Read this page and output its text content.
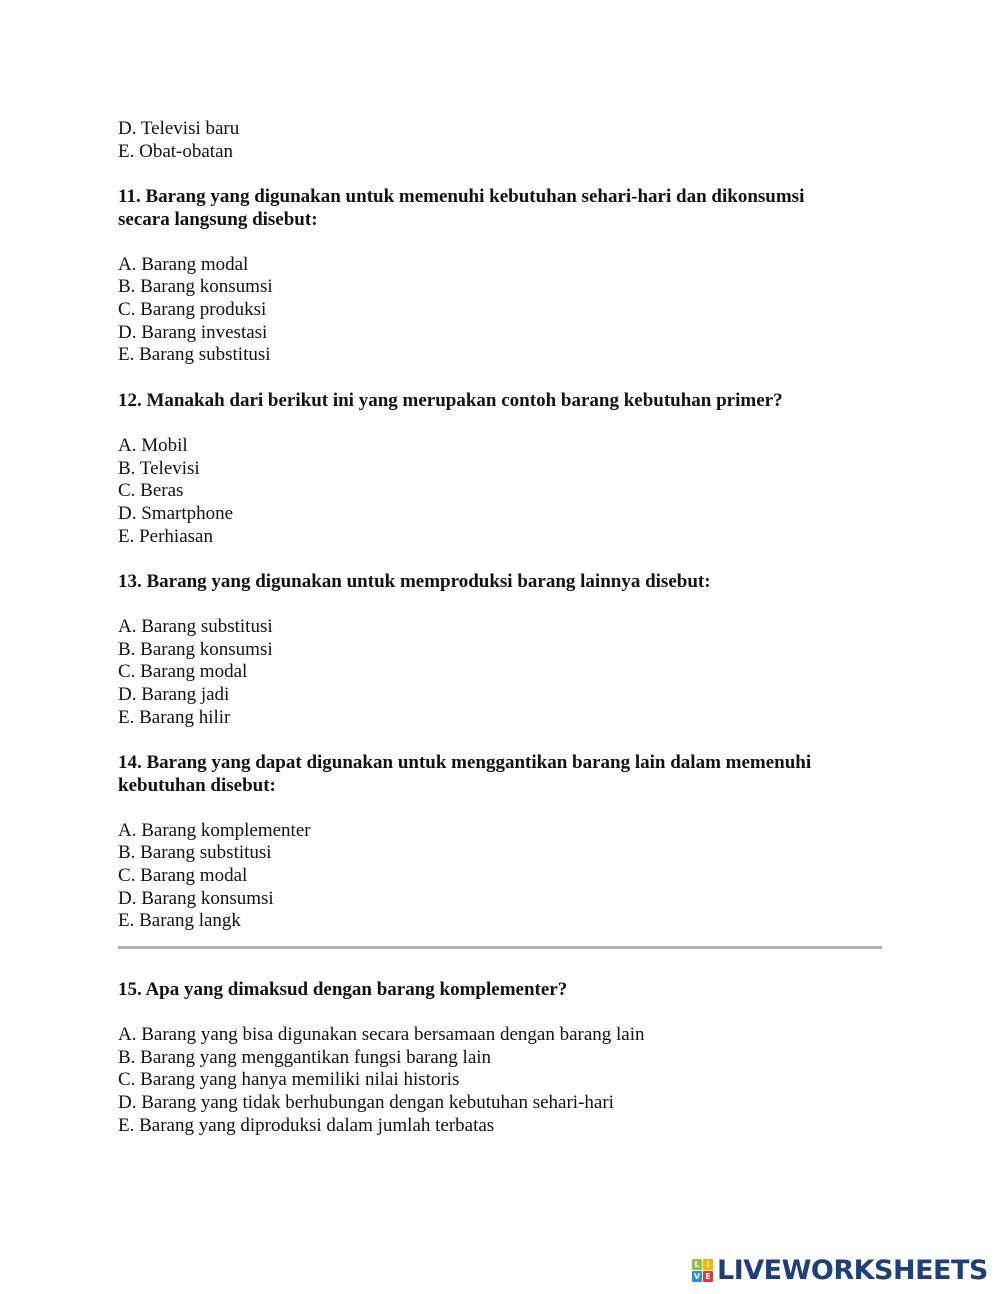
D. Televisi baru
E. Obat-obatan
11. Barang yang digunakan untuk memenuhi kebutuhan sehari-hari dan dikonsumsi secara langsung disebut:
A. Barang modal
B. Barang konsumsi
C. Barang produksi
D. Barang investasi
E. Barang substitusi
12. Manakah dari berikut ini yang merupakan contoh barang kebutuhan primer?
A. Mobil
B. Televisi
C. Beras
D. Smartphone
E. Perhiasan
13. Barang yang digunakan untuk memproduksi barang lainnya disebut:
A. Barang substitusi
B. Barang konsumsi
C. Barang modal
D. Barang jadi
E. Barang hilir
14. Barang yang dapat digunakan untuk menggantikan barang lain dalam memenuhi kebutuhan disebut:
A. Barang komplementer
B. Barang substitusi
C. Barang modal
D. Barang konsumsi
E. Barang langk
15. Apa yang dimaksud dengan barang komplementer?
A. Barang yang bisa digunakan secara bersamaan dengan barang lain
B. Barang yang menggantikan fungsi barang lain
C. Barang yang hanya memiliki nilai historis
D. Barang yang tidak berhubungan dengan kebutuhan sehari-hari
E. Barang yang diproduksi dalam jumlah terbatas
L I
V E LIVEWORKSHEETS
